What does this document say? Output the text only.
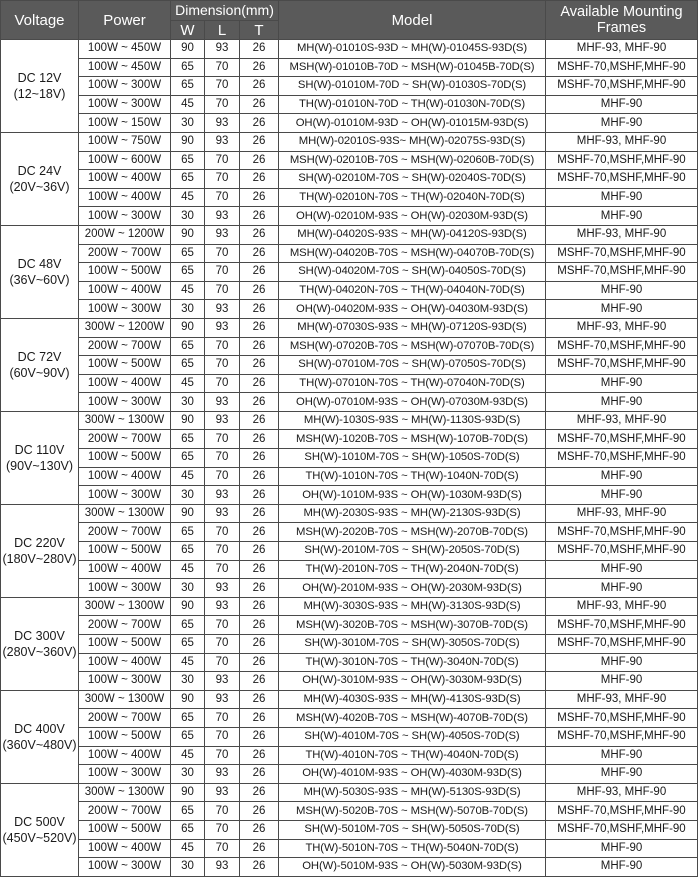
Voltage	Power	Dimension(mm)			Model	Available Mounting
Frames
		W	L	T		

DC 12V
(12~18V)	100W ~ 450W	90	93	26	MH(W)-01010S-93D ~ MH(W)-01045S-93D(S)	MHF-93, MHF-90
	100W ~ 450W	65	70	26	MSH(W)-01010B-70D ~ MSH(W)-01045B-70D(S)	MSHF-70,MSHF,MHF-90
	100W ~ 300W	65	70	26	SH(W)-01010M-70D ~ SH(W)-01030S-70D(S)	MSHF-70,MSHF,MHF-90
	100W ~ 300W	45	70	26	TH(W)-01010N-70D ~ TH(W)-01030N-70D(S)	MHF-90
	100W ~ 150W	30	93	26	OH(W)-01010M-93D ~ OH(W)-01015M-93D(S)	MHF-90

DC 24V
(20V~36V)	100W ~ 750W	90	93	26	MH(W)-02010S-93S~ MH(W)-02075S-93D(S)	MHF-93, MHF-90
	100W ~ 600W	65	70	26	MSH(W)-02010B-70S ~ MSH(W)-02060B-70D(S)	MSHF-70,MSHF,MHF-90
	100W ~ 400W	65	70	26	SH(W)-02010M-70S ~ SH(W)-02040S-70D(S)	MSHF-70,MSHF,MHF-90
	100W ~ 400W	45	70	26	TH(W)-02010N-70S ~ TH(W)-02040N-70D(S)	MHF-90
	100W ~ 300W	30	93	26	OH(W)-02010M-93S ~ OH(W)-02030M-93D(S)	MHF-90

DC 48V
(36V~60V)	200W ~ 1200W	90	93	26	MH(W)-04020S-93S ~ MH(W)-04120S-93D(S)	MHF-93, MHF-90
	200W ~ 700W	65	70	26	MSH(W)-04020B-70S ~ MSH(W)-04070B-70D(S)	MSHF-70,MSHF,MHF-90
	100W ~ 500W	65	70	26	SH(W)-04020M-70S ~ SH(W)-04050S-70D(S)	MSHF-70,MSHF,MHF-90
	100W ~ 400W	45	70	26	TH(W)-04020N-70S ~ TH(W)-04040N-70D(S)	MHF-90
	100W ~ 300W	30	93	26	OH(W)-04020M-93S ~ OH(W)-04030M-93D(S)	MHF-90

DC 72V
(60V~90V)	300W ~ 1200W	90	93	26	MH(W)-07030S-93S ~ MH(W)-07120S-93D(S)	MHF-93, MHF-90
	200W ~ 700W	65	70	26	MSH(W)-07020B-70S ~ MSH(W)-07070B-70D(S)	MSHF-70,MSHF,MHF-90
	100W ~ 500W	65	70	26	SH(W)-07010M-70S ~ SH(W)-07050S-70D(S)	MSHF-70,MSHF,MHF-90
	100W ~ 400W	45	70	26	TH(W)-07010N-70S ~ TH(W)-07040N-70D(S)	MHF-90
	100W ~ 300W	30	93	26	OH(W)-07010M-93S ~ OH(W)-07030M-93D(S)	MHF-90

DC 110V
(90V~130V)	300W ~ 1300W	90	93	26	MH(W)-1030S-93S ~ MH(W)-1130S-93D(S)	MHF-93, MHF-90
	200W ~ 700W	65	70	26	MSH(W)-1020B-70S ~ MSH(W)-1070B-70D(S)	MSHF-70,MSHF,MHF-90
	100W ~ 500W	65	70	26	SH(W)-1010M-70S ~ SH(W)-1050S-70D(S)	MSHF-70,MSHF,MHF-90
	100W ~ 400W	45	70	26	TH(W)-1010N-70S ~ TH(W)-1040N-70D(S)	MHF-90
	100W ~ 300W	30	93	26	OH(W)-1010M-93S ~ OH(W)-1030M-93D(S)	MHF-90

DC 220V
(180V~280V)	300W ~ 1300W	90	93	26	MH(W)-2030S-93S ~ MH(W)-2130S-93D(S)	MHF-93, MHF-90
	200W ~ 700W	65	70	26	MSH(W)-2020B-70S ~ MSH(W)-2070B-70D(S)	MSHF-70,MSHF,MHF-90
	100W ~ 500W	65	70	26	SH(W)-2010M-70S ~ SH(W)-2050S-70D(S)	MSHF-70,MSHF,MHF-90
	100W ~ 400W	45	70	26	TH(W)-2010N-70S ~ TH(W)-2040N-70D(S)	MHF-90
	100W ~ 300W	30	93	26	OH(W)-2010M-93S ~ OH(W)-2030M-93D(S)	MHF-90

DC 300V
(280V~360V)	300W ~ 1300W	90	93	26	MH(W)-3030S-93S ~ MH(W)-3130S-93D(S)	MHF-93, MHF-90
	200W ~ 700W	65	70	26	MSH(W)-3020B-70S ~ MSH(W)-3070B-70D(S)	MSHF-70,MSHF,MHF-90
	100W ~ 500W	65	70	26	SH(W)-3010M-70S ~ SH(W)-3050S-70D(S)	MSHF-70,MSHF,MHF-90
	100W ~ 400W	45	70	26	TH(W)-3010N-70S ~ TH(W)-3040N-70D(S)	MHF-90
	100W ~ 300W	30	93	26	OH(W)-3010M-93S ~ OH(W)-3030M-93D(S)	MHF-90

DC 400V
(360V~480V)	300W ~ 1300W	90	93	26	MH(W)-4030S-93S ~ MH(W)-4130S-93D(S)	MHF-93, MHF-90
	200W ~ 700W	65	70	26	MSH(W)-4020B-70S ~ MSH(W)-4070B-70D(S)	MSHF-70,MSHF,MHF-90
	100W ~ 500W	65	70	26	SH(W)-4010M-70S ~ SH(W)-4050S-70D(S)	MSHF-70,MSHF,MHF-90
	100W ~ 400W	45	70	26	TH(W)-4010N-70S ~ TH(W)-4040N-70D(S)	MHF-90
	100W ~ 300W	30	93	26	OH(W)-4010M-93S ~ OH(W)-4030M-93D(S)	MHF-90

DC 500V
(450V~520V)	300W ~ 1300W	90	93	26	MH(W)-5030S-93S ~ MH(W)-5130S-93D(S)	MHF-93, MHF-90
	200W ~ 700W	65	70	26	MSH(W)-5020B-70S ~ MSH(W)-5070B-70D(S)	MSHF-70,MSHF,MHF-90
	100W ~ 500W	65	70	26	SH(W)-5010M-70S ~ SH(W)-5050S-70D(S)	MSHF-70,MSHF,MHF-90
	100W ~ 400W	45	70	26	TH(W)-5010N-70S ~ TH(W)-5040N-70D(S)	MHF-90
	100W ~ 300W	30	93	26	OH(W)-5010M-93S ~ OH(W)-5030M-93D(S)	MHF-90
